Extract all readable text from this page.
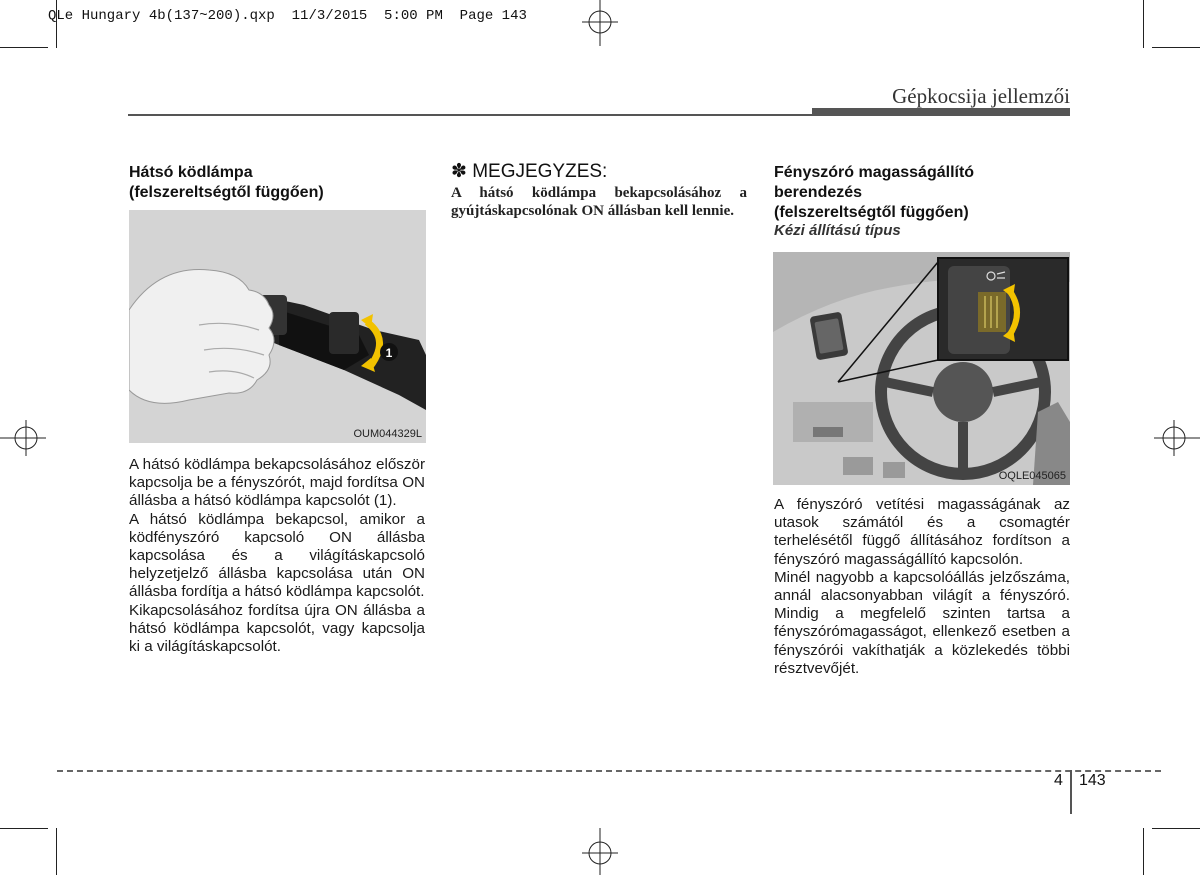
QLe Hungary 4b(137~200).qxp  11/3/2015  5:00 PM  Page 143
Gépkocsija jellemzői
Hátsó ködlámpa
(felszereltségtől függően)
1
OUM044329L

A hátsó ködlámpa bekapcsolásához először kapcsolja be a fényszórót, majd fordítsa ON állásba a hátsó ködlámpa kapcsolót (1).

A hátsó ködlámpa bekapcsol, amikor a ködfényszóró kapcsoló ON állásba kapcsolása és a világításkapcsoló helyzetjelző állásba kapcsolása után ON állásba fordítja a hátsó ködlámpa kapcsolót.

Kikapcsolásához fordítsa újra ON állásba a hátsó ködlámpa kapcsolót, vagy kapcsolja ki a világításkapcsolót.

✽ MEGJEGYZES:
A hátsó ködlámpa bekapcsolásához a gyújtáskapcsolónak ON állásban kell lennie.
Fényszóró magasságállító
berendezés
(felszereltségtől függően)
Kézi állítású típus
OQLE045065

A fényszóró vetítési magasságának az utasok számától és a csomagtér terhelésétől függő állításához fordítson a fényszóró magasságállító kapcsolón.

Minél nagyobb a kapcsolóállás jelzőszáma, annál alacsonyabban világít a fényszóró. Mindig a megfelelő szinten tartsa a fényszórómagasságot, ellenkező esetben a fényszórói vakíthatják a közlekedés többi résztvevőjét.

4 143
